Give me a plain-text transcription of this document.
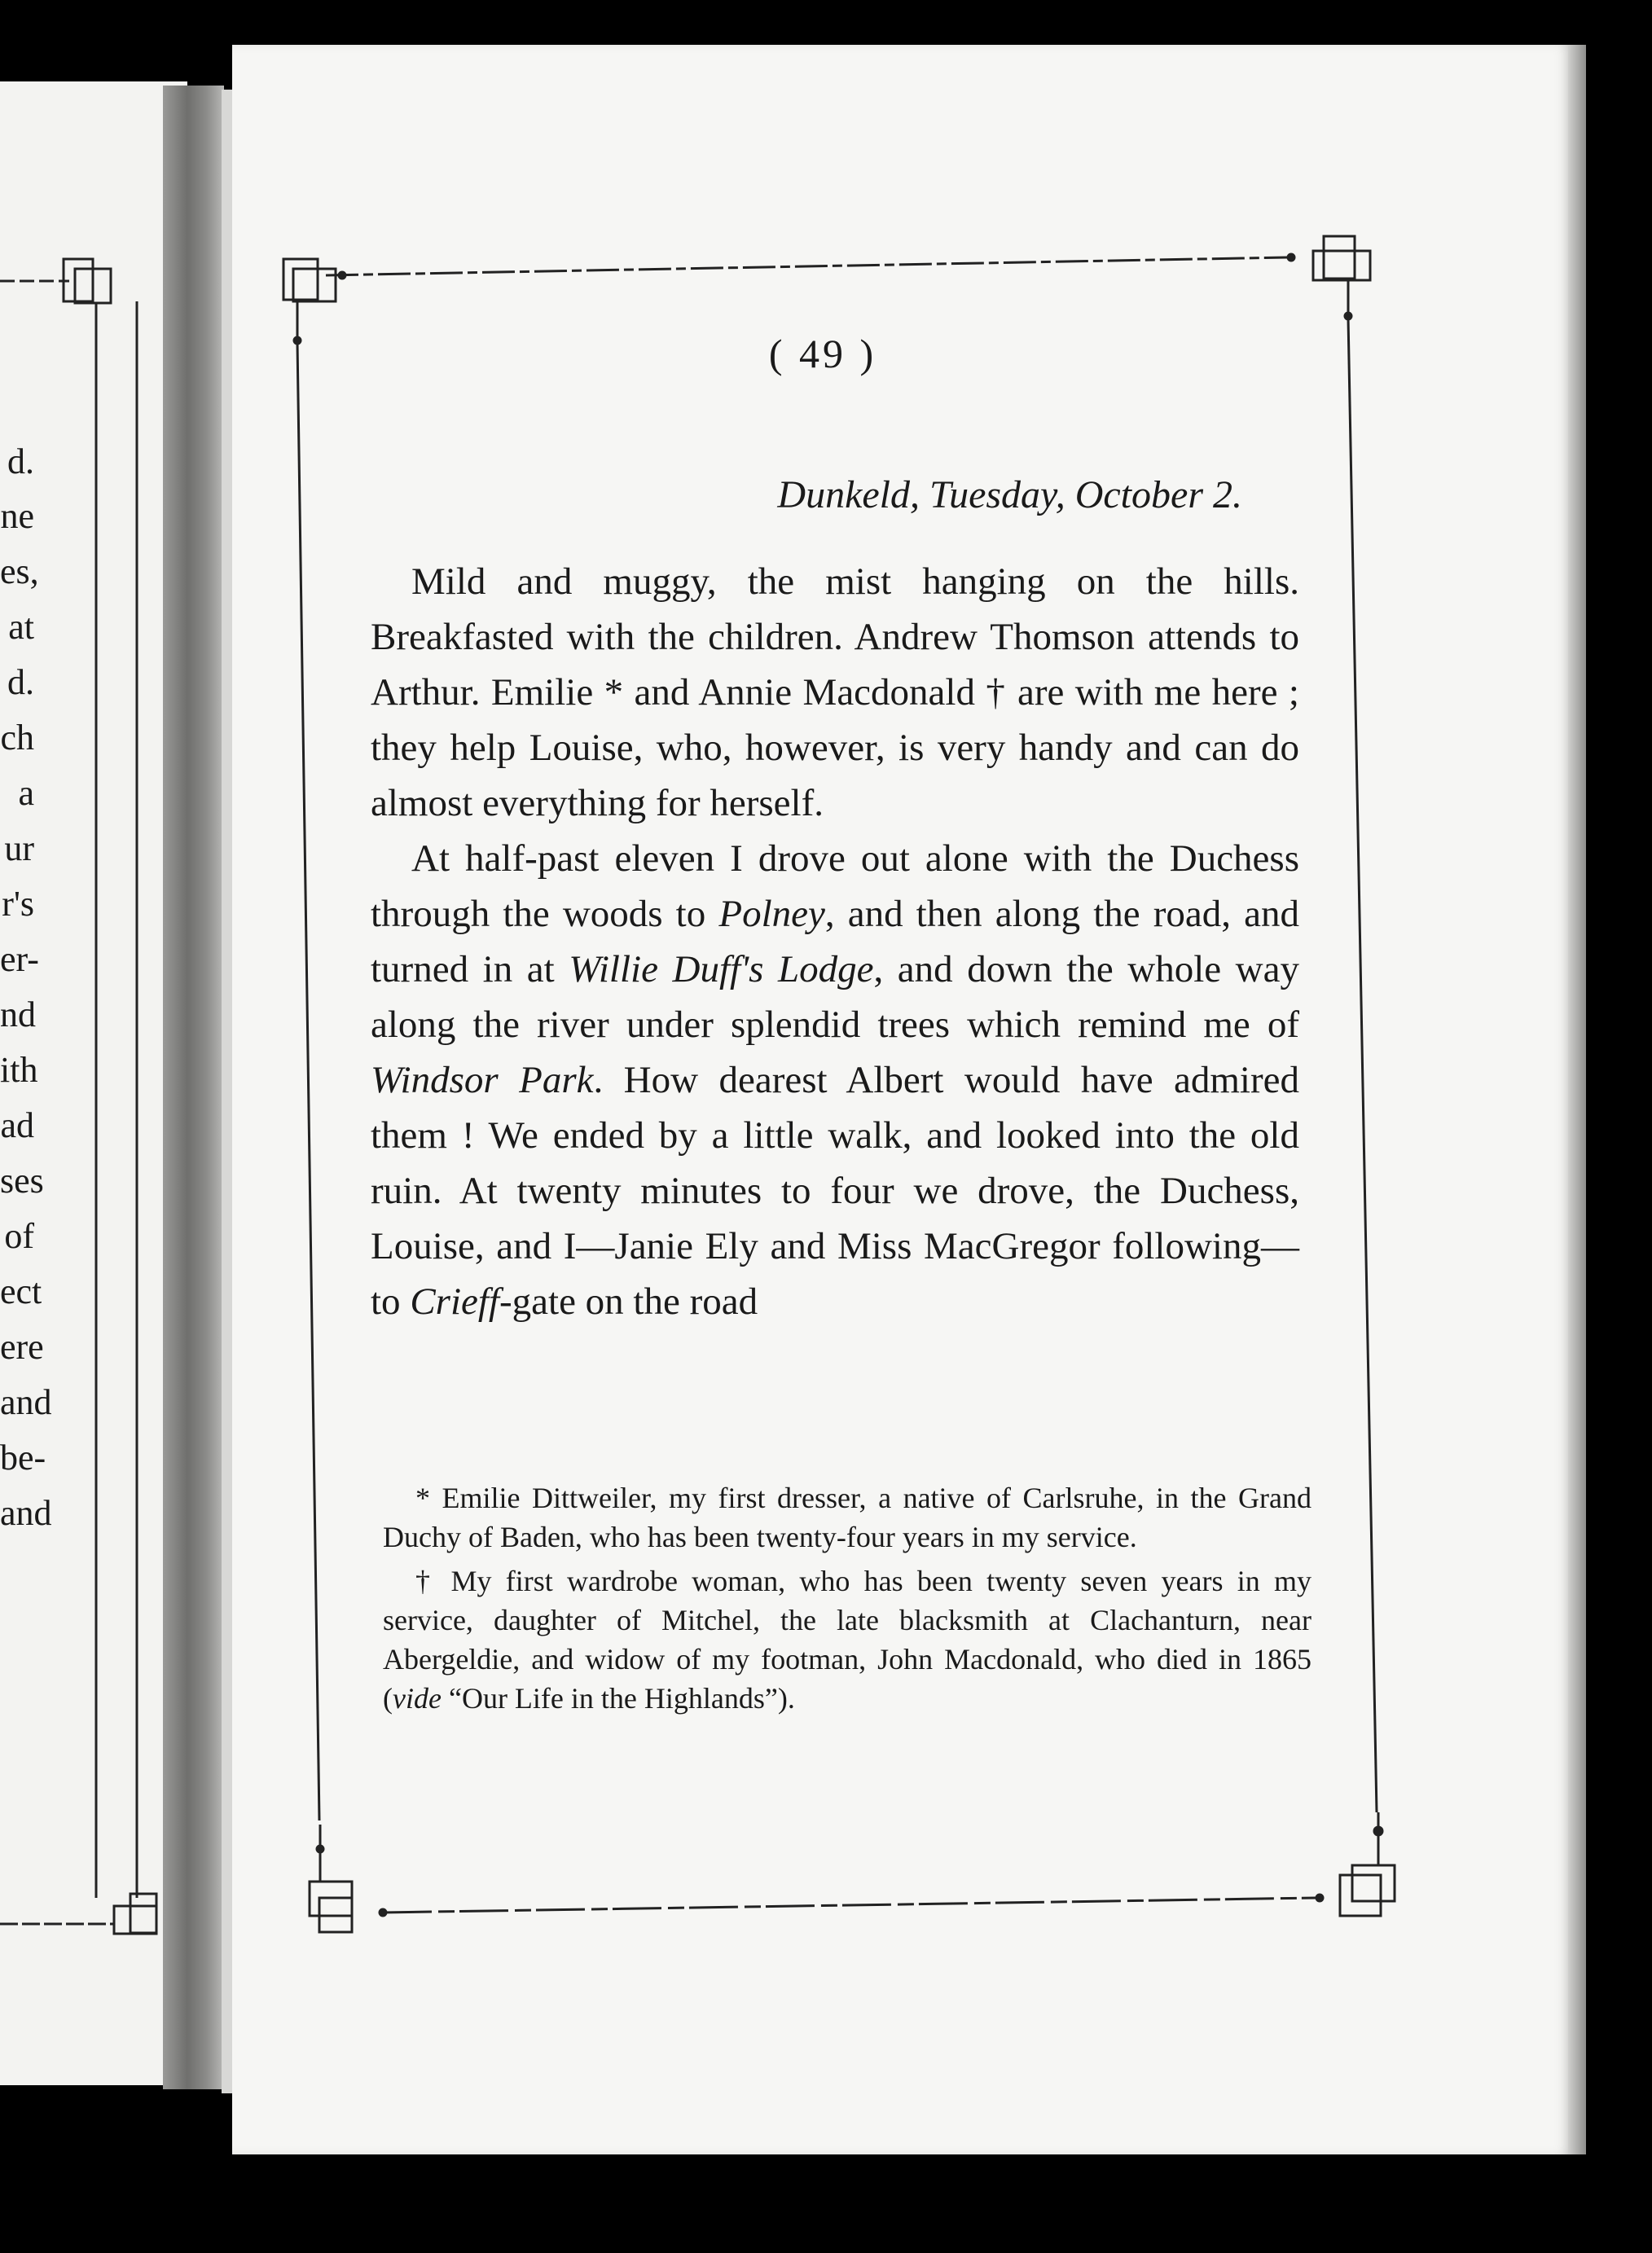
d.
ne
es,
at
d.
ch
a
ur
r's
er-
nd
ith
ad
ses
of
ect
ere
and
be-
and
( 49 )
Dunkeld, Tuesday, October 2.

Mild and muggy, the mist hanging on the hills. Breakfasted with the children. Andrew Thomson attends to Arthur. Emilie * and Annie Macdonald † are with me here ; they help Louise, who, however, is very handy and can do almost everything for herself.

At half-past eleven I drove out alone with the Duchess through the woods to Polney, and then along the road, and turned in at Willie Duff's Lodge, and down the whole way along the river under splendid trees which remind me of Windsor Park. How dearest Albert would have admired them ! We ended by a little walk, and looked into the old ruin. At twenty minutes to four we drove, the Duchess, Louise, and I—Janie Ely and Miss MacGregor following—to Crieff-gate on the road

* Emilie Dittweiler, my first dresser, a native of Carlsruhe, in the Grand Duchy of Baden, who has been twenty-four years in my service.

† My first wardrobe woman, who has been twenty seven years in my service, daughter of Mitchel, the late blacksmith at Clachanturn, near Abergeldie, and widow of my footman, John Macdonald, who died in 1865 (vide “Our Life in the Highlands”).
